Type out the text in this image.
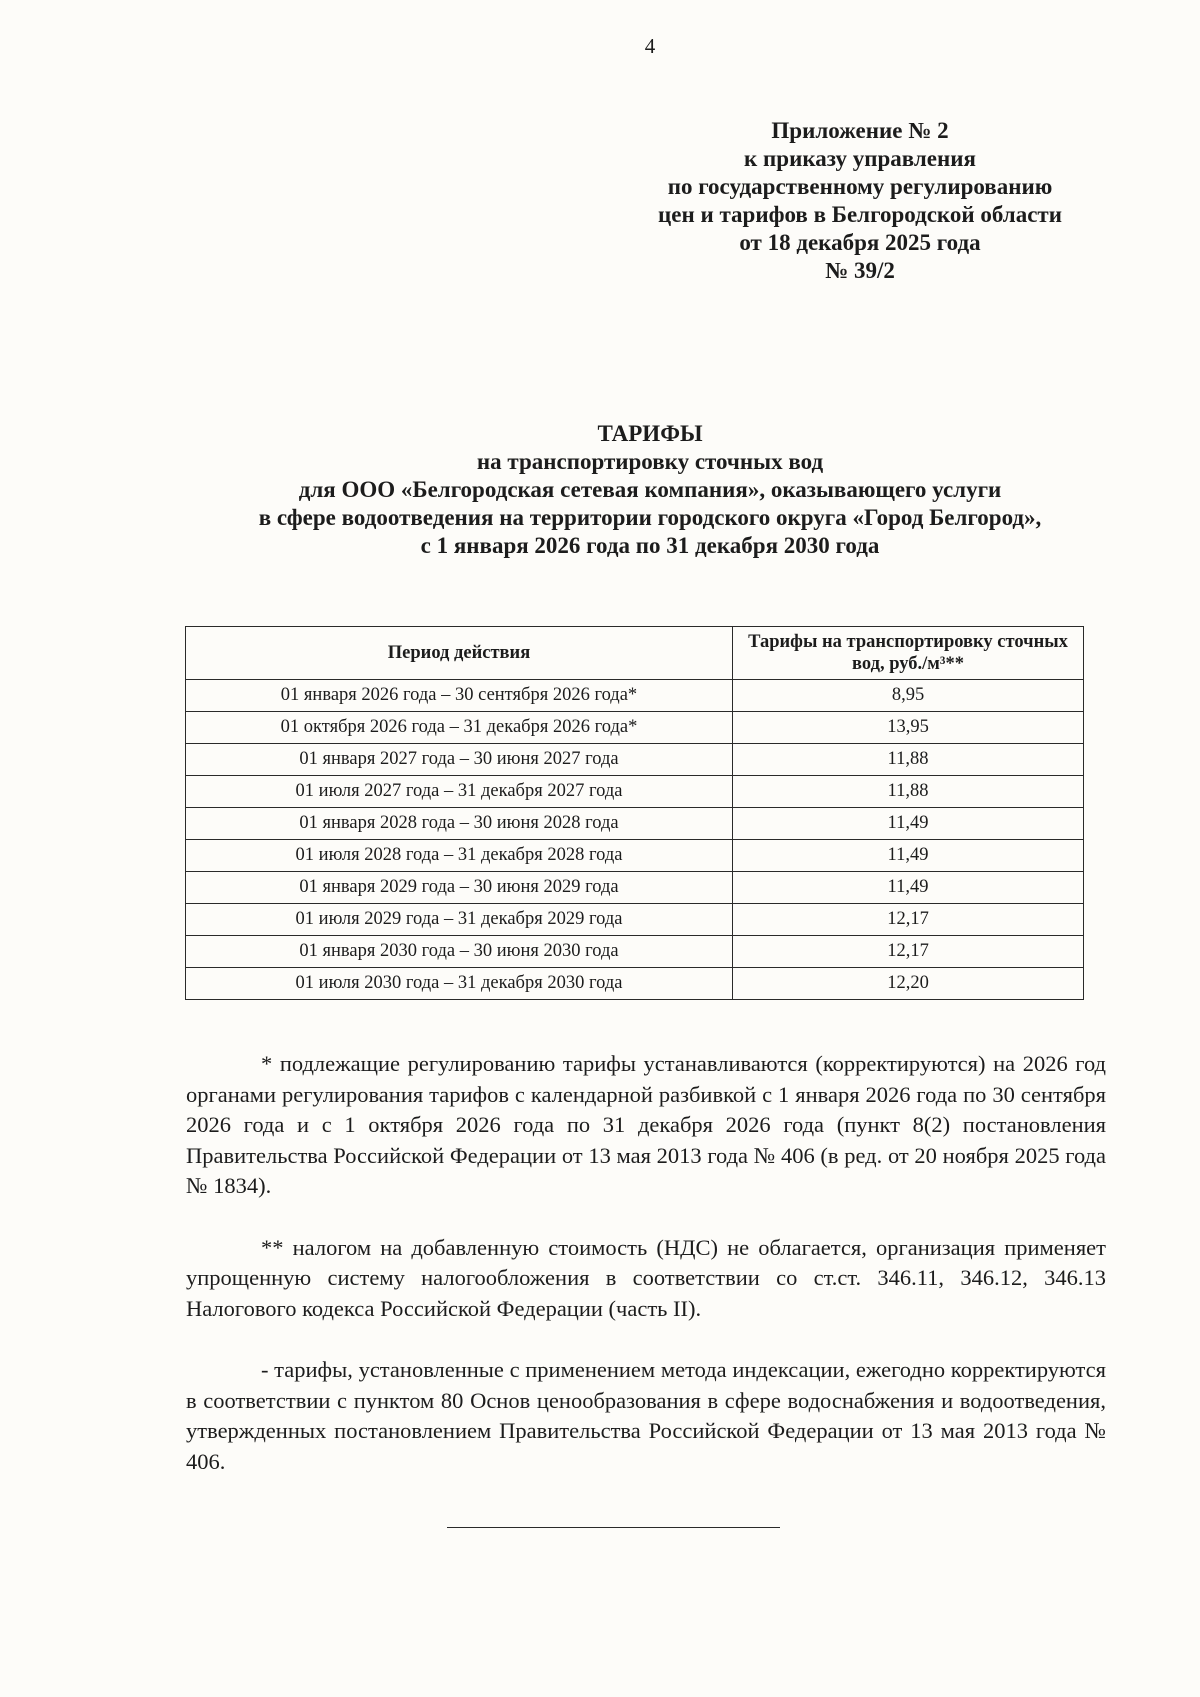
4
Приложение № 2
к приказу управления
по государственному регулированию
цен и тарифов в Белгородской области
от 18 декабря 2025 года
№ 39/2
ТАРИФЫ
на транспортировку сточных вод
для ООО «Белгородская сетевая компания», оказывающего услуги
в сфере водоотведения на территории городского округа «Город Белгород»,
с 1 января 2026 года по 31 декабря 2030 года
Период действия	Тарифы на транспортировку сточных вод, руб./м³**
01 января 2026 года – 30 сентября 2026 года*	8,95
01 октября 2026 года – 31 декабря 2026 года*	13,95
01 января 2027 года – 30 июня 2027 года	11,88
01 июля 2027 года – 31 декабря 2027 года	11,88
01 января 2028 года – 30 июня 2028 года	11,49
01 июля 2028 года – 31 декабря 2028 года	11,49
01 января 2029 года – 30 июня 2029 года	11,49
01 июля 2029 года – 31 декабря 2029 года	12,17
01 января 2030 года – 30 июня 2030 года	12,17
01 июля 2030 года – 31 декабря 2030 года	12,20

* подлежащие регулированию тарифы устанавливаются (корректируются) на 2026 год органами регулирования тарифов с календарной разбивкой с 1 января 2026 года по 30 сентября 2026 года и с 1 октября 2026 года по 31 декабря 2026 года (пункт 8(2) постановления Правительства Российской Федерации от 13 мая 2013 года № 406 (в ред. от 20 ноября 2025 года № 1834).

** налогом на добавленную стоимость (НДС) не облагается, организация применяет упрощенную систему налогообложения в соответствии со ст.ст. 346.11, 346.12, 346.13 Налогового кодекса Российской Федерации (часть II).

- тарифы, установленные с применением метода индексации, ежегодно корректируются в соответствии с пунктом 80 Основ ценообразования в сфере водоснабжения и водоотведения, утвержденных постановлением Правительства Российской Федерации от 13 мая 2013 года № 406.
